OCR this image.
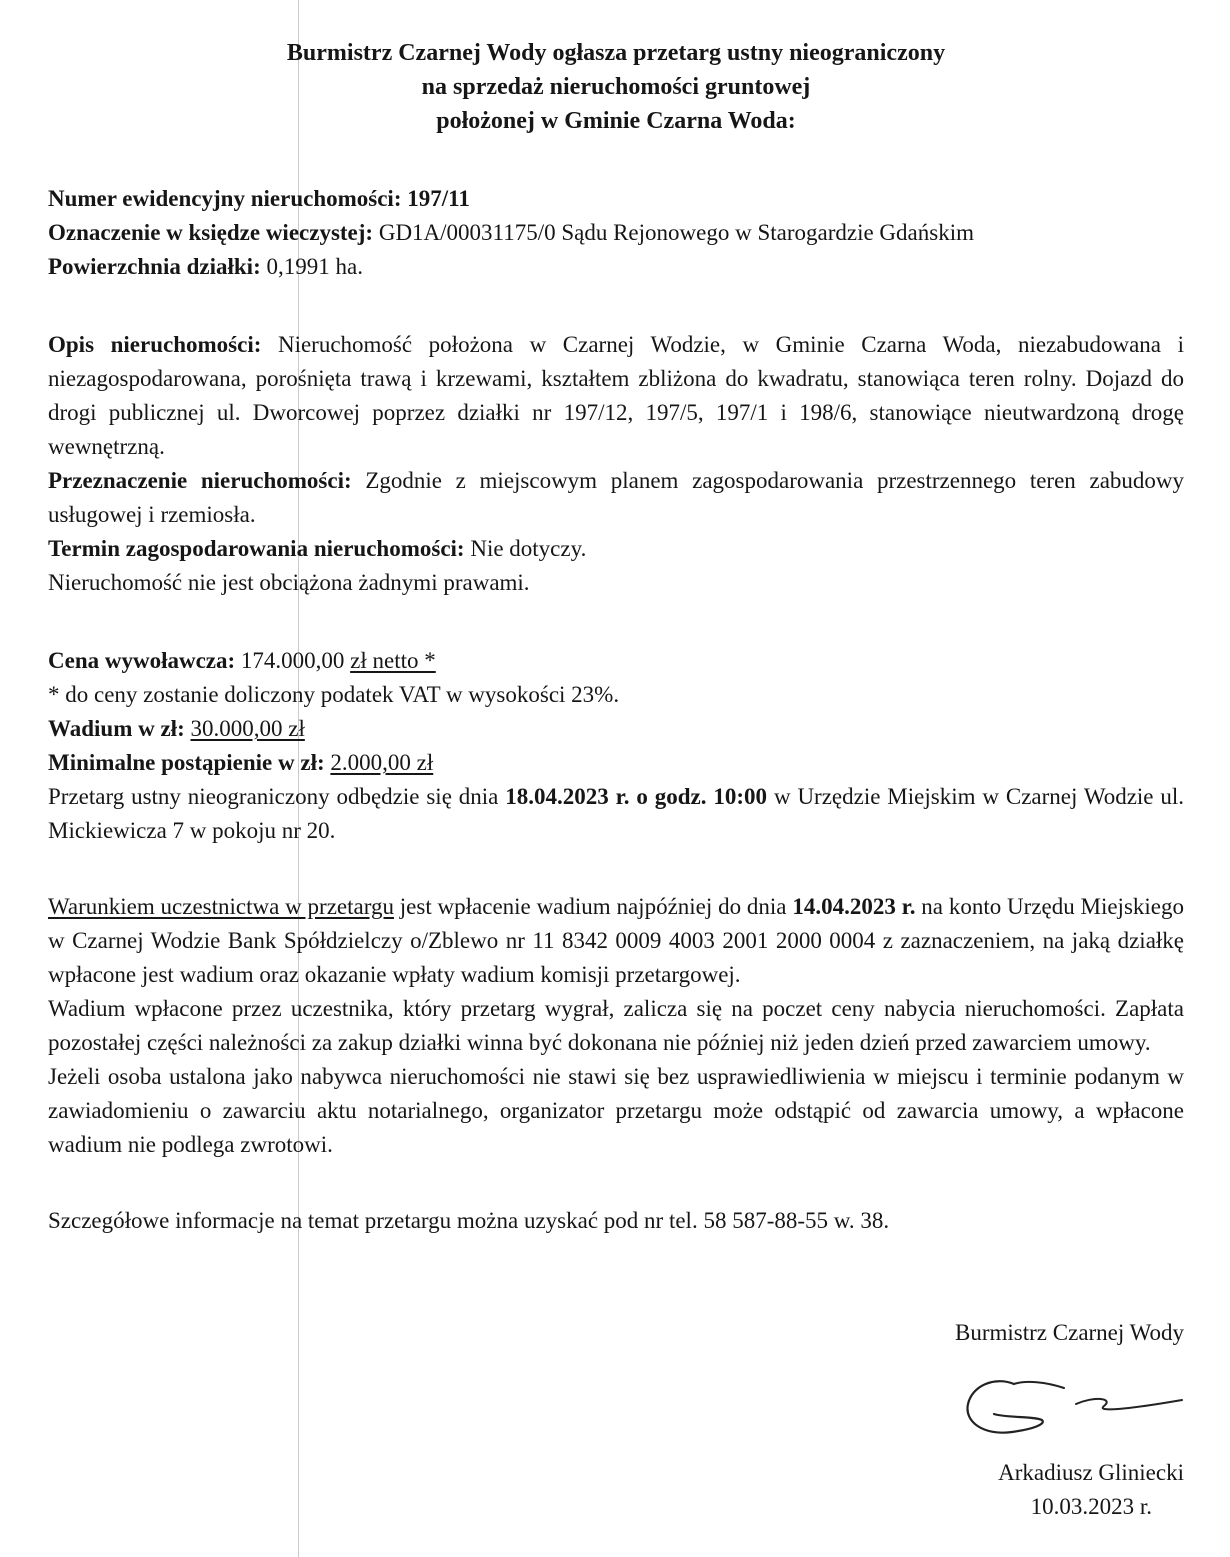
Burmistrz Czarnej Wody ogłasza przetarg ustny nieograniczony
na sprzedaż nieruchomości gruntowej
położonej w Gminie Czarna Woda:
Numer ewidencyjny nieruchomości: 197/11
Oznaczenie w księdze wieczystej: GD1A/00031175/0 Sądu Rejonowego w Starogardzie Gdańskim
Powierzchnia działki: 0,1991 ha.

Opis nieruchomości: Nieruchomość położona w Czarnej Wodzie, w Gminie Czarna Woda, niezabudowana i niezagospodarowana, porośnięta trawą i krzewami, kształtem zbliżona do kwadratu, stanowiąca teren rolny. Dojazd do drogi publicznej ul. Dworcowej poprzez działki nr 197/12, 197/5, 197/1 i 198/6, stanowiące nieutwardzoną drogę wewnętrzną.

Przeznaczenie nieruchomości: Zgodnie z miejscowym planem zagospodarowania przestrzennego teren zabudowy usługowej i rzemiosła.

Termin zagospodarowania nieruchomości: Nie dotyczy.

Nieruchomość nie jest obciążona żadnymi prawami.

Cena wywoławcza: 174.000,00 zł netto *
* do ceny zostanie doliczony podatek VAT w wysokości 23%.
Wadium w zł: 30.000,00 zł
Minimalne postąpienie w zł: 2.000,00 zł

Przetarg ustny nieograniczony odbędzie się dnia 18.04.2023 r. o godz. 10:00 w Urzędzie Miejskim w Czarnej Wodzie ul. Mickiewicza 7 w pokoju nr 20.

Warunkiem uczestnictwa w przetargu jest wpłacenie wadium najpóźniej do dnia 14.04.2023 r. na konto Urzędu Miejskiego w Czarnej Wodzie Bank Spółdzielczy o/Zblewo nr 11 8342 0009 4003 2001 2000 0004 z zaznaczeniem, na jaką działkę wpłacone jest wadium oraz okazanie wpłaty wadium komisji przetargowej.

Wadium wpłacone przez uczestnika, który przetarg wygrał, zalicza się na poczet ceny nabycia nieruchomości. Zapłata pozostałej części należności za zakup działki winna być dokonana nie później niż jeden dzień przed zawarciem umowy.

Jeżeli osoba ustalona jako nabywca nieruchomości nie stawi się bez usprawiedliwienia w miejscu i terminie podanym w zawiadomieniu o zawarciu aktu notarialnego, organizator przetargu może odstąpić od zawarcia umowy, a wpłacone wadium nie podlega zwrotowi.

Szczegółowe informacje na temat przetargu można uzyskać pod nr tel. 58 587-88-55 w. 38.

Burmistrz Czarnej Wody
Arkadiusz Gliniecki
10.03.2023 r.
